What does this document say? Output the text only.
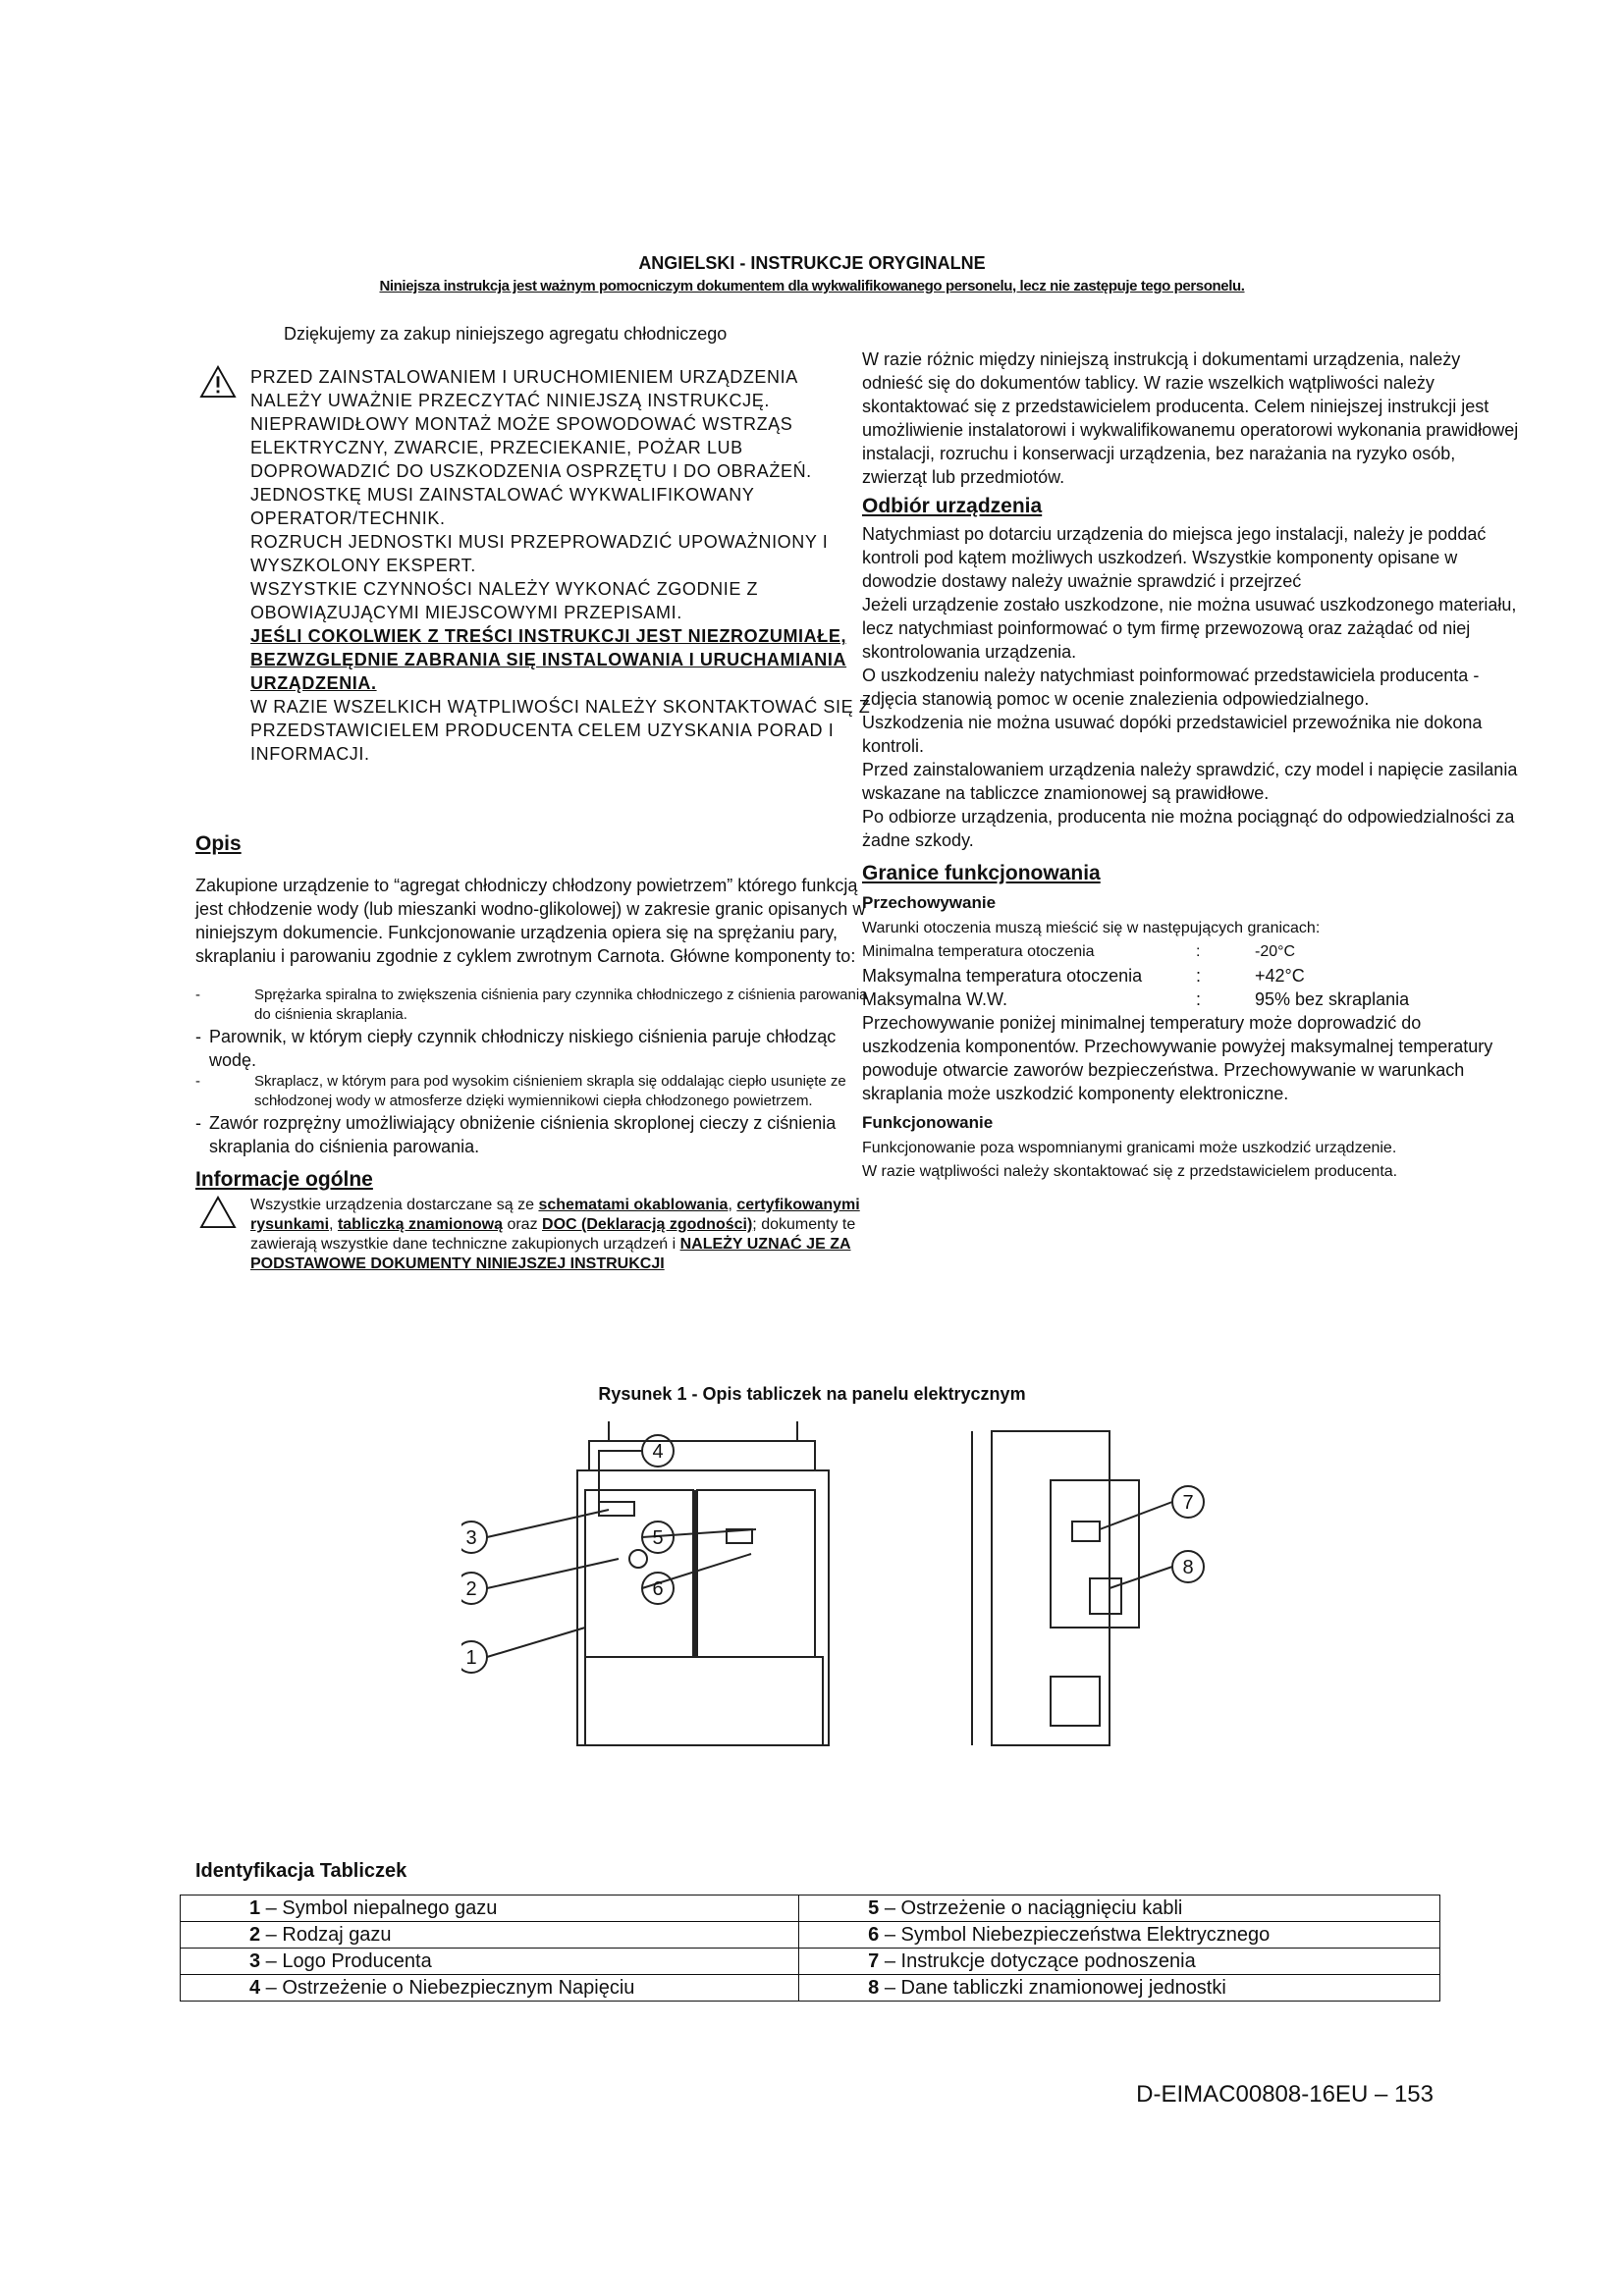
ANGIELSKI - INSTRUKCJE ORYGINALNE
Niniejsza instrukcja jest ważnym pomocniczym dokumentem dla wykwalifikowanego personelu, lecz nie zastępuje tego personelu.

Dziękujemy za zakup niniejszego agregatu chłodniczego

PRZED ZAINSTALOWANIEM I URUCHOMIENIEM URZĄDZENIA NALEŻY UWAŻNIE PRZECZYTAĆ NINIEJSZĄ INSTRUKCJĘ.

NIEPRAWIDŁOWY MONTAŻ MOŻE SPOWODOWAĆ WSTRZĄS ELEKTRYCZNY, ZWARCIE, PRZECIEKANIE, POŻAR LUB DOPROWADZIĆ DO USZKODZENIA OSPRZĘTU I DO OBRAŻEŃ.

JEDNOSTKĘ MUSI ZAINSTALOWAĆ WYKWALIFIKOWANY OPERATOR/TECHNIK.

ROZRUCH JEDNOSTKI MUSI PRZEPROWADZIĆ UPOWAŻNIONY I WYSZKOLONY EKSPERT.

WSZYSTKIE CZYNNOŚCI NALEŻY WYKONAĆ ZGODNIE Z OBOWIĄZUJĄCYMI MIEJSCOWYMI PRZEPISAMI.

JEŚLI COKOLWIEK Z TREŚCI INSTRUKCJI JEST NIEZROZUMIAŁE, BEZWZGLĘDNIE ZABRANIA SIĘ INSTALOWANIA I URUCHAMIANIA URZĄDZENIA.

W RAZIE WSZELKICH WĄTPLIWOŚCI NALEŻY SKONTAKTOWAĆ SIĘ Z PRZEDSTAWICIELEM PRODUCENTA CELEM UZYSKANIA PORAD I INFORMACJI.

Opis

Zakupione urządzenie to “agregat chłodniczy chłodzony powietrzem” którego funkcją jest chłodzenie wody (lub mieszanki wodno-glikolowej) w zakresie granic opisanych w niniejszym dokumencie. Funkcjonowanie urządzenia opiera się na sprężaniu pary, skraplaniu i parowaniu zgodnie z cyklem zwrotnym Carnota. Główne komponenty to:

-	Sprężarka spiralna to zwiększenia ciśnienia pary czynnika chłodniczego z ciśnienia parowania do ciśnienia skraplania.
- Parownik, w którym ciepły czynnik chłodniczy niskiego ciśnienia paruje chłodząc wodę.
-	Skraplacz, w którym para pod wysokim ciśnieniem skrapla się oddalając ciepło usunięte ze schłodzonej wody w atmosferze dzięki wymiennikowi ciepła chłodzonego powietrzem.
- Zawór rozprężny umożliwiający obniżenie ciśnienia skroplonej cieczy z ciśnienia skraplania do ciśnienia parowania.
Informacje ogólne
Wszystkie urządzenia dostarczane są ze schematami okablowania, certyfikowanymi rysunkami, tabliczką znamionową oraz DOC (Deklaracją zgodności); dokumenty te zawierają wszystkie dane techniczne zakupionych urządzeń i NALEŻY UZNAĆ JE ZA PODSTAWOWE DOKUMENTY NINIEJSZEJ INSTRUKCJI

W razie różnic między niniejszą instrukcją i dokumentami urządzenia, należy odnieść się do dokumentów tablicy. W razie wszelkich wątpliwości należy skontaktować się z przedstawicielem producenta. Celem niniejszej instrukcji jest umożliwienie instalatorowi i wykwalifikowanemu operatorowi wykonania prawidłowej instalacji, rozruchu i konserwacji urządzenia, bez narażania na ryzyko osób, zwierząt lub przedmiotów.

Odbiór urządzenia

Natychmiast po dotarciu urządzenia do miejsca jego instalacji, należy je poddać kontroli pod kątem możliwych uszkodzeń. Wszystkie komponenty opisane w dowodzie dostawy należy uważnie sprawdzić i przejrzeć

Jeżeli urządzenie zostało uszkodzone, nie można usuwać uszkodzonego materiału, lecz natychmiast poinformować o tym firmę przewozową oraz zażądać od niej skontrolowania urządzenia.

O uszkodzeniu należy natychmiast poinformować przedstawiciela producenta - zdjęcia stanowią pomoc w ocenie znalezienia odpowiedzialnego.

Uszkodzenia nie można usuwać dopóki przedstawiciel przewoźnika nie dokona kontroli.

Przed zainstalowaniem urządzenia należy sprawdzić, czy model i napięcie zasilania wskazane na tabliczce znamionowej są prawidłowe.

Po odbiorze urządzenia, producenta nie można pociągnąć do odpowiedzialności za żadne szkody.

Granice funkcjonowania
Przechowywanie

Warunki otoczenia muszą mieścić się w następujących granicach:

Minimalna temperatura otoczenia	:	-20°C
Maksymalna temperatura otoczenia	:	+42°C
Maksymalna W.W.	:	95% bez skraplania

Przechowywanie poniżej minimalnej temperatury może doprowadzić do uszkodzenia komponentów. Przechowywanie powyżej maksymalnej temperatury powoduje otwarcie zaworów bezpieczeństwa. Przechowywanie w warunkach skraplania może uszkodzić komponenty elektroniczne.

Funkcjonowanie

Funkcjonowanie poza wspomnianymi granicami może uszkodzić urządzenie.

W razie wątpliwości należy skontaktować się z przedstawicielem producenta.

Rysunek 1 - Opis tabliczek na panelu elektrycznym
4
1
2
3	5
6
7
8
Identyfikacja Tabliczek
1 – Symbol niepalnego gazu	5 – Ostrzeżenie o naciągnięciu kabli
2 – Rodzaj gazu	6 – Symbol Niebezpieczeństwa Elektrycznego
3 – Logo Producenta	7 – Instrukcje dotyczące podnoszenia
4 – Ostrzeżenie o Niebezpiecznym Napięciu	8 – Dane tabliczki znamionowej jednostki
D-EIMAC00808-16EU – 153
